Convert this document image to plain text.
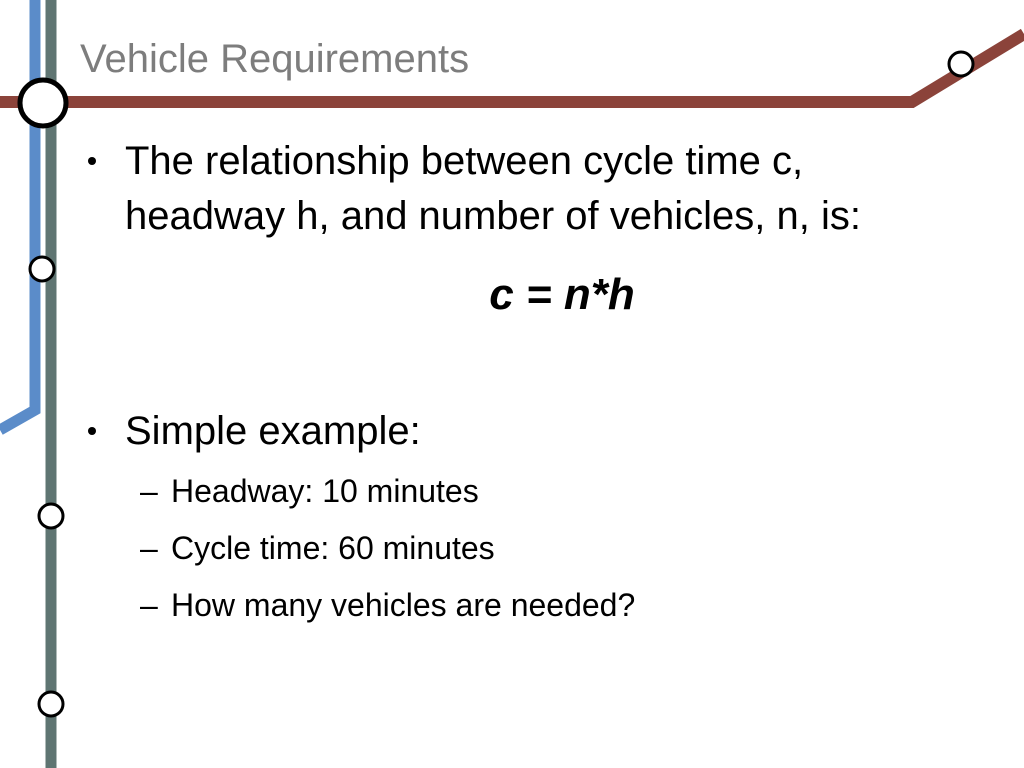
Vehicle Requirements
The relationship between cycle time c,
headway h, and number of vehicles, n, is:
c = n*h
Simple example:
– Headway: 10 minutes
– Cycle time: 60 minutes
– How many vehicles are needed?
